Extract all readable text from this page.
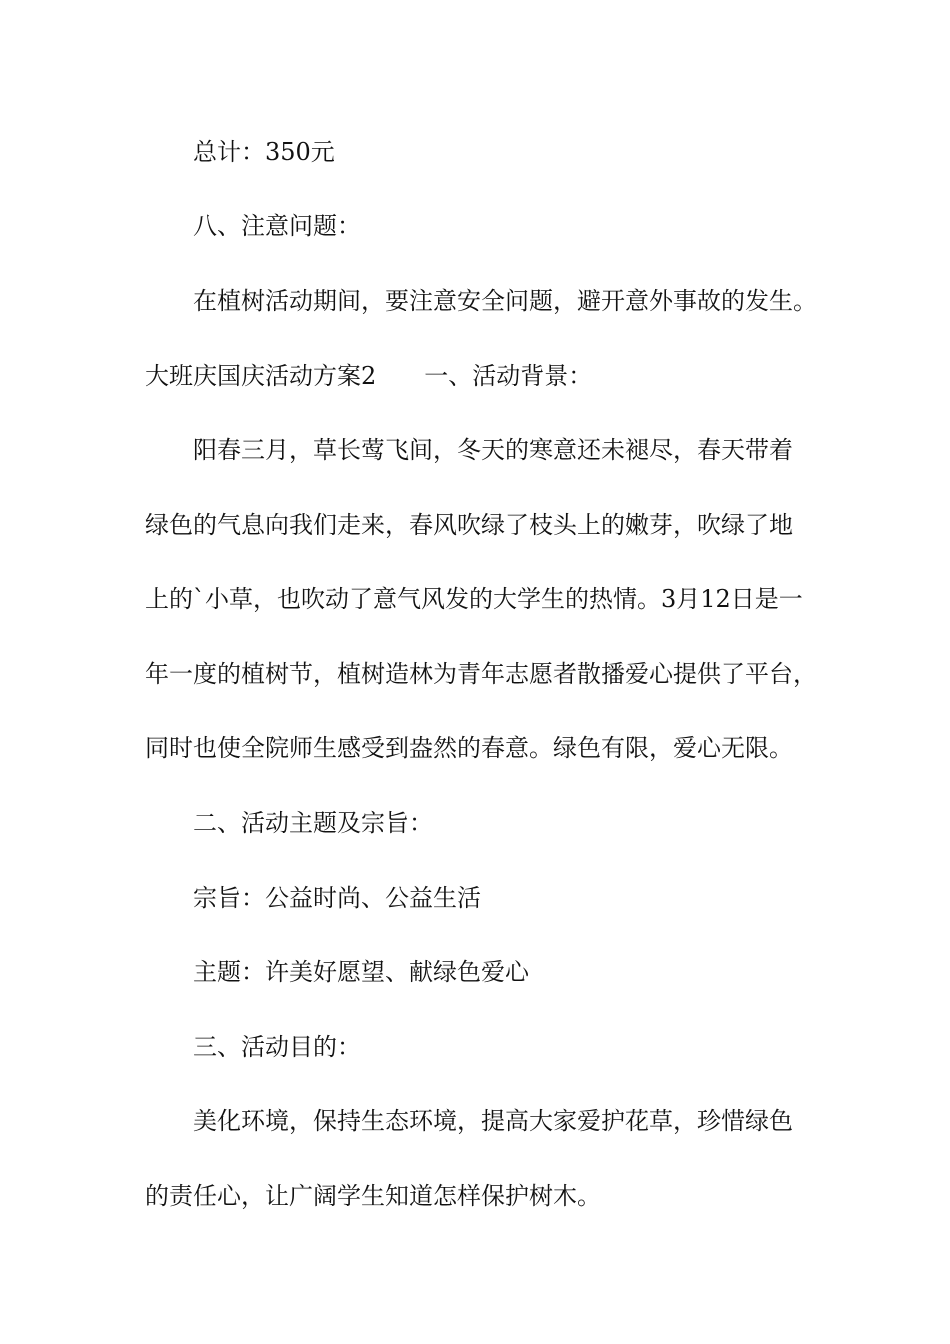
总计：350元

八、注意问题：

在植树活动期间，要注意安全问题，避开意外事故的发生。

大班庆国庆活动方案2 一、活动背景：

阳春三月，草长莺飞间，冬天的寒意还未褪尽，春天带着

绿色的气息向我们走来，春风吹绿了枝头上的嫩芽，吹绿了地

上的`小草，也吹动了意气风发的大学生的热情。3月12日是一

年一度的植树节，植树造林为青年志愿者散播爱心提供了平台，

同时也使全院师生感受到盎然的春意。绿色有限，爱心无限。

二、活动主题及宗旨：

宗旨：公益时尚、公益生活

主题：许美好愿望、献绿色爱心

三、活动目的：

美化环境，保持生态环境，提高大家爱护花草，珍惜绿色

的责任心，让广阔学生知道怎样保护树木。
